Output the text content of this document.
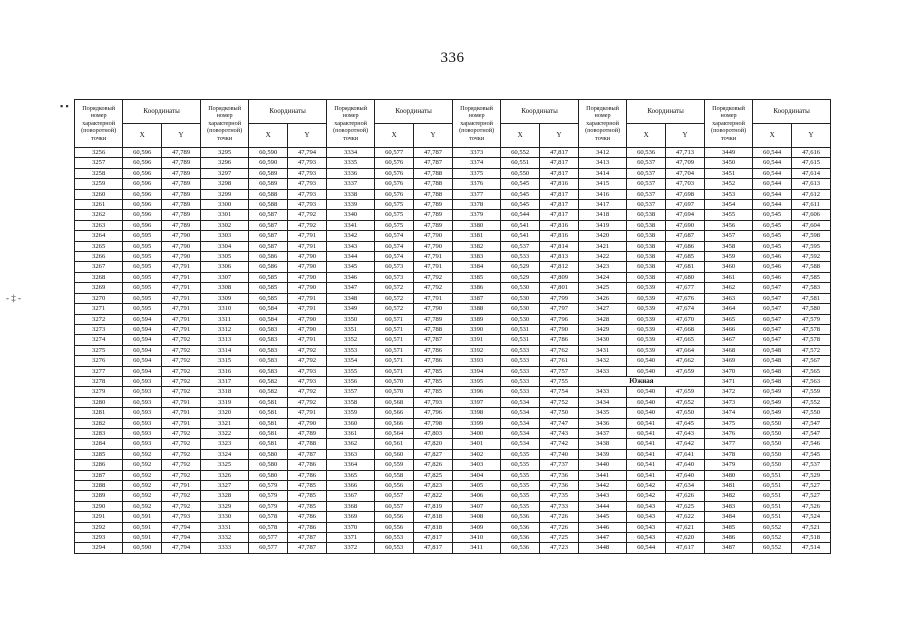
336
▪ ▪
- ‡ -
Порядковый номер характерной (поворотной) точки	Координаты		Порядковый номер характерной (поворотной) точки	Координаты		Порядковый номер характерной (поворотной) точки	Координаты		Порядковый номер характерной (поворотной) точки	Координаты		Порядковый номер характерной (поворотной) точки	Координаты		Порядковый номер характерной (поворотной) точки	Координаты	
	X	Y		X	Y		X	Y		X	Y		X	Y		X	Y
3256	60,596	47,789	3295	60,590	47,794	3334	60,577	47,787	3373	60,552	47,817	3412	60,536	47,713	3449	60,544	47,616
3257	60,596	47,789	3296	60,590	47,793	3335	60,576	47,787	3374	60,551	47,817	3413	60,537	47,709	3450	60,544	47,615
3258	60,596	47,789	3297	60,589	47,793	3336	60,576	47,788	3375	60,550	47,817	3414	60,537	47,704	3451	60,544	47,614
3259	60,596	47,789	3298	60,589	47,793	3337	60,576	47,788	3376	60,545	47,816	3415	60,537	47,703	3452	60,544	47,613
3260	60,596	47,789	3299	60,588	47,793	3338	60,576	47,788	3377	60,545	47,817	3416	60,537	47,698	3453	60,544	47,612
3261	60,596	47,789	3300	60,588	47,793	3339	60,575	47,789	3378	60,545	47,817	3417	60,537	47,697	3454	60,544	47,611
3262	60,596	47,789	3301	60,587	47,792	3340	60,575	47,789	3379	60,544	47,817	3418	60,538	47,694	3455	60,545	47,606
3263	60,596	47,789	3302	60,587	47,792	3341	60,575	47,789	3380	60,541	47,816	3419	60,538	47,690	3456	60,545	47,604
3264	60,595	47,790	3303	60,587	47,791	3342	60,574	47,790	3381	60,541	47,816	3420	60,538	47,687	3457	60,545	47,598
3265	60,595	47,790	3304	60,587	47,791	3343	60,574	47,790	3382	60,537	47,814	3421	60,538	47,686	3458	60,545	47,595
3266	60,595	47,790	3305	60,586	47,790	3344	60,574	47,791	3383	60,533	47,813	3422	60,538	47,685	3459	60,546	47,592
3267	60,595	47,791	3306	60,586	47,790	3345	60,573	47,791	3384	60,529	47,812	3423	60,538	47,681	3460	60,546	47,588
3268	60,595	47,791	3307	60,585	47,790	3346	60,573	47,792	3385	60,529	47,809	3424	60,538	47,680	3461	60,546	47,585
3269	60,595	47,791	3308	60,585	47,790	3347	60,572	47,792	3386	60,530	47,801	3425	60,539	47,677	3462	60,547	47,583
3270	60,595	47,791	3309	60,585	47,791	3348	60,572	47,791	3387	60,530	47,799	3426	60,539	47,676	3463	60,547	47,581
3271	60,595	47,791	3310	60,584	47,791	3349	60,572	47,790	3388	60,530	47,797	3427	60,539	47,674	3464	60,547	47,580
3272	60,594	47,791	3311	60,584	47,790	3350	60,571	47,789	3389	60,530	47,796	3428	60,539	47,670	3465	60,547	47,579
3273	60,594	47,791	3312	60,583	47,790	3351	60,571	47,788	3390	60,531	47,790	3429	60,539	47,668	3466	60,547	47,578
3274	60,594	47,792	3313	60,583	47,791	3352	60,571	47,787	3391	60,531	47,786	3430	60,539	47,665	3467	60,547	47,578
3275	60,594	47,792	3314	60,583	47,792	3353	60,571	47,786	3392	60,533	47,762	3431	60,539	47,664	3468	60,548	47,572
3276	60,594	47,792	3315	60,583	47,792	3354	60,571	47,786	3393	60,533	47,761	3432	60,540	47,662	3469	60,548	47,567
3277	60,594	47,792	3316	60,583	47,793	3355	60,571	47,785	3394	60,533	47,757	3433	60,540	47,659	3470	60,548	47,565
3278	60,593	47,792	3317	60,582	47,793	3356	60,570	47,785	3395	60,533	47,755	Южная			3471	60,548	47,563
3279	60,593	47,792	3318	60,582	47,792	3357	60,570	47,785	3396	60,533	47,754	3433	60,540	47,659	3472	60,549	47,559
3280	60,593	47,791	3319	60,581	47,792	3358	60,568	47,793	3397	60,534	47,752	3434	60,540	47,652	3473	60,549	47,552
3281	60,593	47,791	3320	60,581	47,791	3359	60,566	47,796	3398	60,534	47,750	3435	60,540	47,650	3474	60,549	47,550
3282	60,593	47,791	3321	60,581	47,790	3360	60,566	47,798	3399	60,534	47,747	3436	60,541	47,645	3475	60,550	47,547
3283	60,593	47,792	3322	60,581	47,789	3361	60,564	47,803	3400	60,534	47,743	3437	60,541	47,643	3476	60,550	47,547
3284	60,593	47,792	3323	60,581	47,788	3362	60,561	47,820	3401	60,534	47,742	3438	60,541	47,642	3477	60,550	47,546
3285	60,592	47,792	3324	60,580	47,787	3363	60,560	47,827	3402	60,535	47,740	3439	60,541	47,641	3478	60,550	47,545
3286	60,592	47,792	3325	60,580	47,786	3364	60,559	47,826	3403	60,535	47,737	3440	60,541	47,640	3479	60,550	47,537
3287	60,592	47,792	3326	60,580	47,786	3365	60,558	47,825	3404	60,535	47,736	3441	60,541	47,640	3480	60,551	47,529
3288	60,592	47,791	3327	60,579	47,785	3366	60,556	47,823	3405	60,535	47,736	3442	60,542	47,634	3481	60,551	47,527
3289	60,592	47,792	3328	60,579	47,785	3367	60,557	47,822	3406	60,535	47,735	3443	60,542	47,626	3482	60,551	47,527
3290	60,592	47,792	3329	60,579	47,785	3368	60,557	47,819	3407	60,535	47,733	3444	60,543	47,625	3483	60,551	47,526
3291	60,591	47,793	3330	60,578	47,786	3369	60,556	47,818	3408	60,536	47,726	3445	60,543	47,622	3484	60,551	47,524
3292	60,591	47,794	3331	60,578	47,786	3370	60,556	47,818	3409	60,536	47,726	3446	60,543	47,621	3485	60,552	47,521
3293	60,591	47,794	3332	60,577	47,787	3371	60,553	47,817	3410	60,536	47,725	3447	60,543	47,620	3486	60,552	47,518
3294	60,590	47,794	3333	60,577	47,787	3372	60,553	47,817	3411	60,536	47,723	3448	60,544	47,617	3487	60,552	47,514
